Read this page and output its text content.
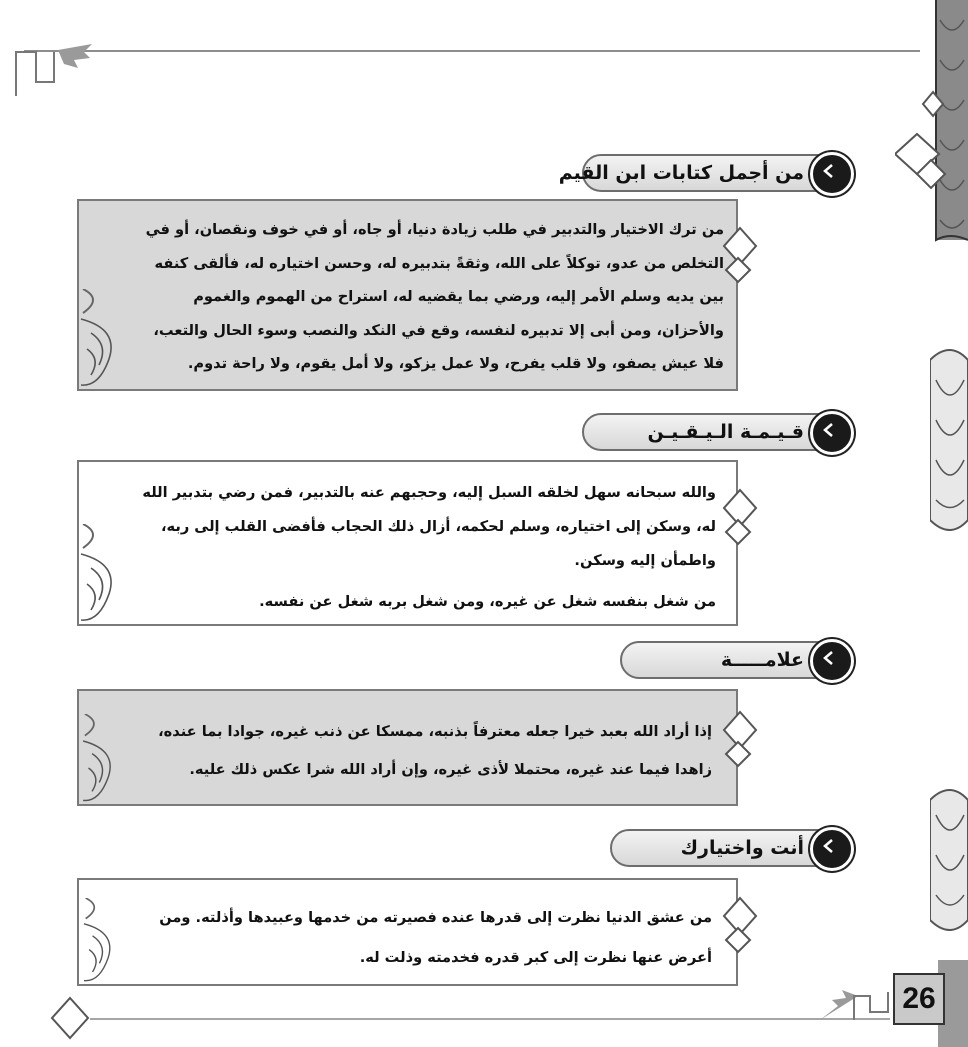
من أجمل كتابات ابن القيم

من ترك الاختيار والتدبير في طلب زيادة دنيا، أو جاه، أو في خوف ونقصان، أو في التخلص من عدو، توكلاً على الله، وثقةً بتدبيره له، وحسن اختياره له، فألقى كنفه بين يديه وسلم الأمر إليه، ورضي بما يقضيه له، استراح من الهموم والغموم والأحزان، ومن أبى إلا تدبيره لنفسه، وقع في النكد والنصب وسوء الحال والتعب، فلا عيش يصفو، ولا قلب يفرح، ولا عمل يزكو، ولا أمل يقوم، ولا راحة تدوم.

قـيـمـة الـيـقـيـن

والله سبحانه سهل لخلقه السبل إليه، وحجبهم عنه بالتدبير، فمن رضي بتدبير الله له، وسكن إلى اختياره، وسلم لحكمه، أزال ذلك الحجاب فأفضى القلب إلى ربه، واطمأن إليه وسكن.

من شغل بنفسه شغل عن غيره، ومن شغل بربه شغل عن نفسه.

علامـــــة

إذا أراد الله بعبد خيرا جعله معترفاً بذنبه، ممسكا عن ذنب غيره، جوادا بما عنده، زاهدا فيما عند غيره، محتملا لأذى غيره، وإن أراد الله شرا عكس ذلك عليه.

أنت واختيارك

من عشق الدنيا نظرت إلى قدرها عنده فصيرته من خدمها وعبيدها وأذلته. ومن أعرض عنها نظرت إلى كبر قدره فخدمته وذلت له.

26
